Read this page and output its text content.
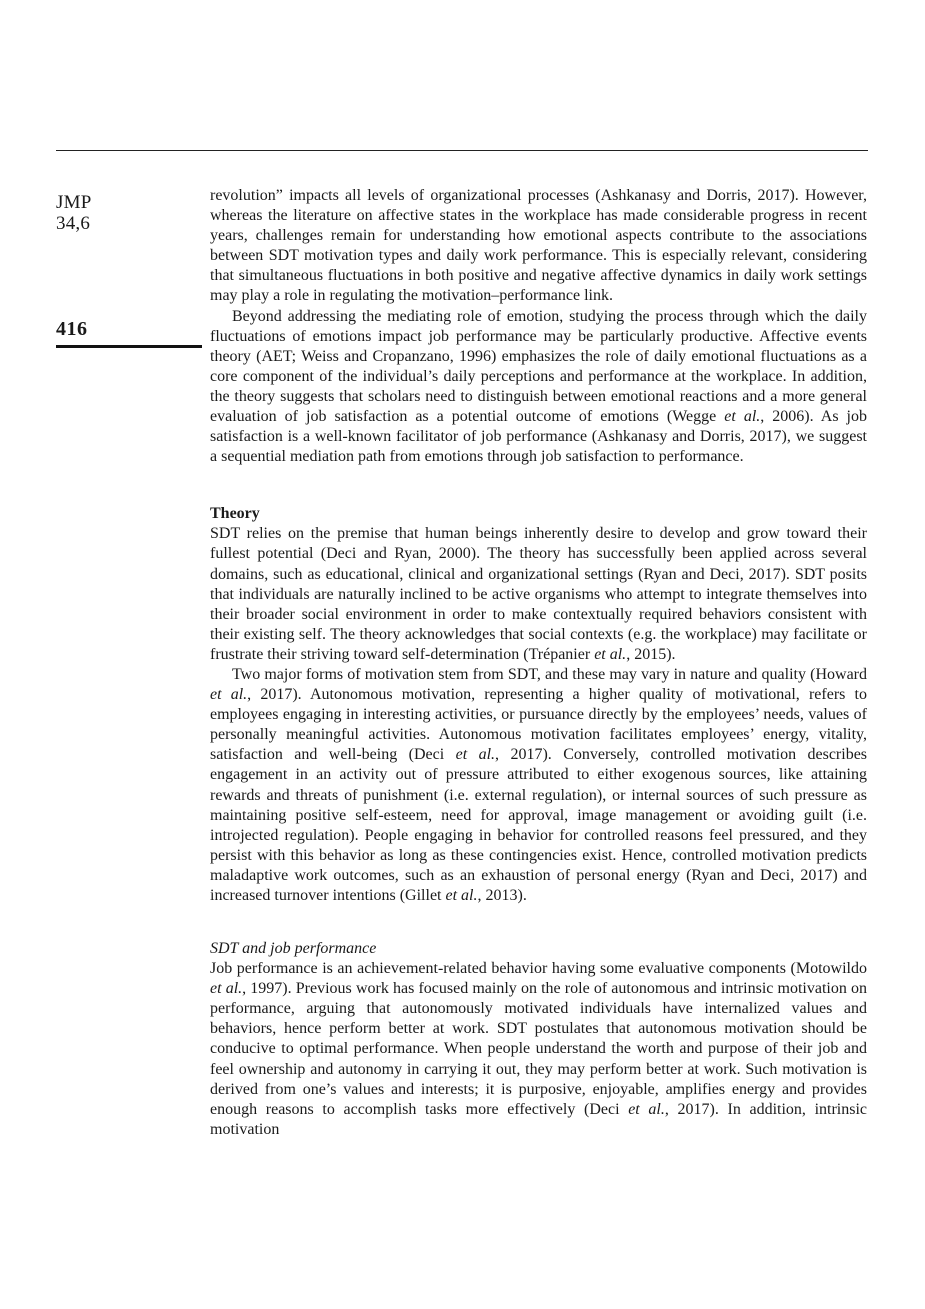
JMP
34,6
416

revolution” impacts all levels of organizational processes (Ashkanasy and Dorris, 2017). However, whereas the literature on affective states in the workplace has made considerable progress in recent years, challenges remain for understanding how emotional aspects contribute to the associations between SDT motivation types and daily work performance. This is especially relevant, considering that simultaneous fluctuations in both positive and negative affective dynamics in daily work settings may play a role in regulating the motivation–performance link.

Beyond addressing the mediating role of emotion, studying the process through which the daily fluctuations of emotions impact job performance may be particularly productive. Affective events theory (AET; Weiss and Cropanzano, 1996) emphasizes the role of daily emotional fluctuations as a core component of the individual’s daily perceptions and performance at the workplace. In addition, the theory suggests that scholars need to distinguish between emotional reactions and a more general evaluation of job satisfaction as a potential outcome of emotions (Wegge et al., 2006). As job satisfaction is a well-known facilitator of job performance (Ashkanasy and Dorris, 2017), we suggest a sequential mediation path from emotions through job satisfaction to performance.

Theory

SDT relies on the premise that human beings inherently desire to develop and grow toward their fullest potential (Deci and Ryan, 2000). The theory has successfully been applied across several domains, such as educational, clinical and organizational settings (Ryan and Deci, 2017). SDT posits that individuals are naturally inclined to be active organisms who attempt to integrate themselves into their broader social environment in order to make contextually required behaviors consistent with their existing self. The theory acknowledges that social contexts (e.g. the workplace) may facilitate or frustrate their striving toward self-determination (Trépanier et al., 2015).

Two major forms of motivation stem from SDT, and these may vary in nature and quality (Howard et al., 2017). Autonomous motivation, representing a higher quality of motivational, refers to employees engaging in interesting activities, or pursuance directly by the employees’ needs, values of personally meaningful activities. Autonomous motivation facilitates employees’ energy, vitality, satisfaction and well-being (Deci et al., 2017). Conversely, controlled motivation describes engagement in an activity out of pressure attributed to either exogenous sources, like attaining rewards and threats of punishment (i.e. external regulation), or internal sources of such pressure as maintaining positive self-esteem, need for approval, image management or avoiding guilt (i.e. introjected regulation). People engaging in behavior for controlled reasons feel pressured, and they persist with this behavior as long as these contingencies exist. Hence, controlled motivation predicts maladaptive work outcomes, such as an exhaustion of personal energy (Ryan and Deci, 2017) and increased turnover intentions (Gillet et al., 2013).

SDT and job performance

Job performance is an achievement-related behavior having some evaluative components (Motowildo et al., 1997). Previous work has focused mainly on the role of autonomous and intrinsic motivation on performance, arguing that autonomously motivated individuals have internalized values and behaviors, hence perform better at work. SDT postulates that autonomous motivation should be conducive to optimal performance. When people understand the worth and purpose of their job and feel ownership and autonomy in carrying it out, they may perform better at work. Such motivation is derived from one’s values and interests; it is purposive, enjoyable, amplifies energy and provides enough reasons to accomplish tasks more effectively (Deci et al., 2017). In addition, intrinsic motivation
